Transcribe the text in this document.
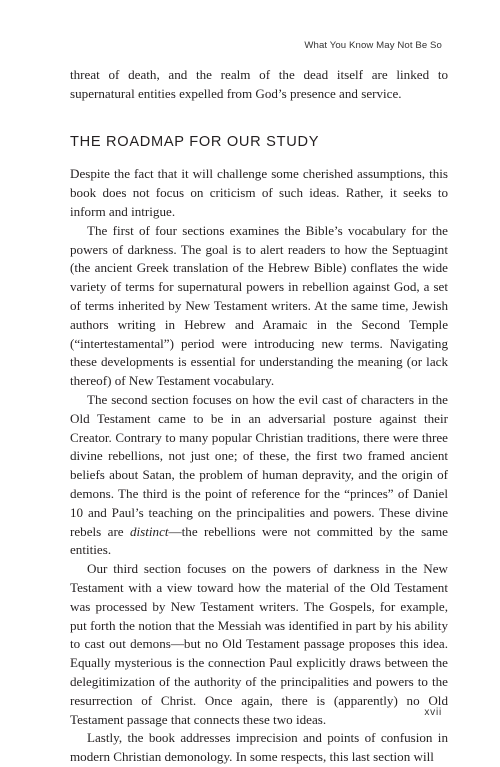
What You Know May Not Be So

threat of death, and the realm of the dead itself are linked to supernatural entities expelled from God’s presence and service.

THE ROADMAP FOR OUR STUDY

Despite the fact that it will challenge some cherished assumptions, this book does not focus on criticism of such ideas. Rather, it seeks to inform and intrigue.

The first of four sections examines the Bible’s vocabulary for the powers of darkness. The goal is to alert readers to how the Septuagint (the ancient Greek translation of the Hebrew Bible) conflates the wide variety of terms for supernatural powers in rebellion against God, a set of terms inherited by New Testament writers. At the same time, Jewish authors writing in Hebrew and Aramaic in the Second Temple (“intertestamental”) period were introducing new terms. Navigating these developments is essential for understanding the meaning (or lack thereof) of New Testament vocabulary.

The second section focuses on how the evil cast of characters in the Old Testament came to be in an adversarial posture against their Creator. Contrary to many popular Christian traditions, there were three divine rebellions, not just one; of these, the first two framed ancient beliefs about Satan, the problem of human depravity, and the origin of demons. The third is the point of reference for the “princes” of Daniel 10 and Paul’s teaching on the principalities and powers. These divine rebels are distinct—the rebellions were not committed by the same entities.

Our third section focuses on the powers of darkness in the New Testament with a view toward how the material of the Old Testament was processed by New Testament writers. The Gospels, for example, put forth the notion that the Messiah was identified in part by his ability to cast out demons—but no Old Testament passage proposes this idea. Equally mysterious is the connection Paul explicitly draws between the delegitimization of the authority of the principalities and powers to the resurrection of Christ. Once again, there is (apparently) no Old Testament passage that connects these two ideas.

Lastly, the book addresses imprecision and points of confusion in modern Christian demonology. In some respects, this last section will

xvii
